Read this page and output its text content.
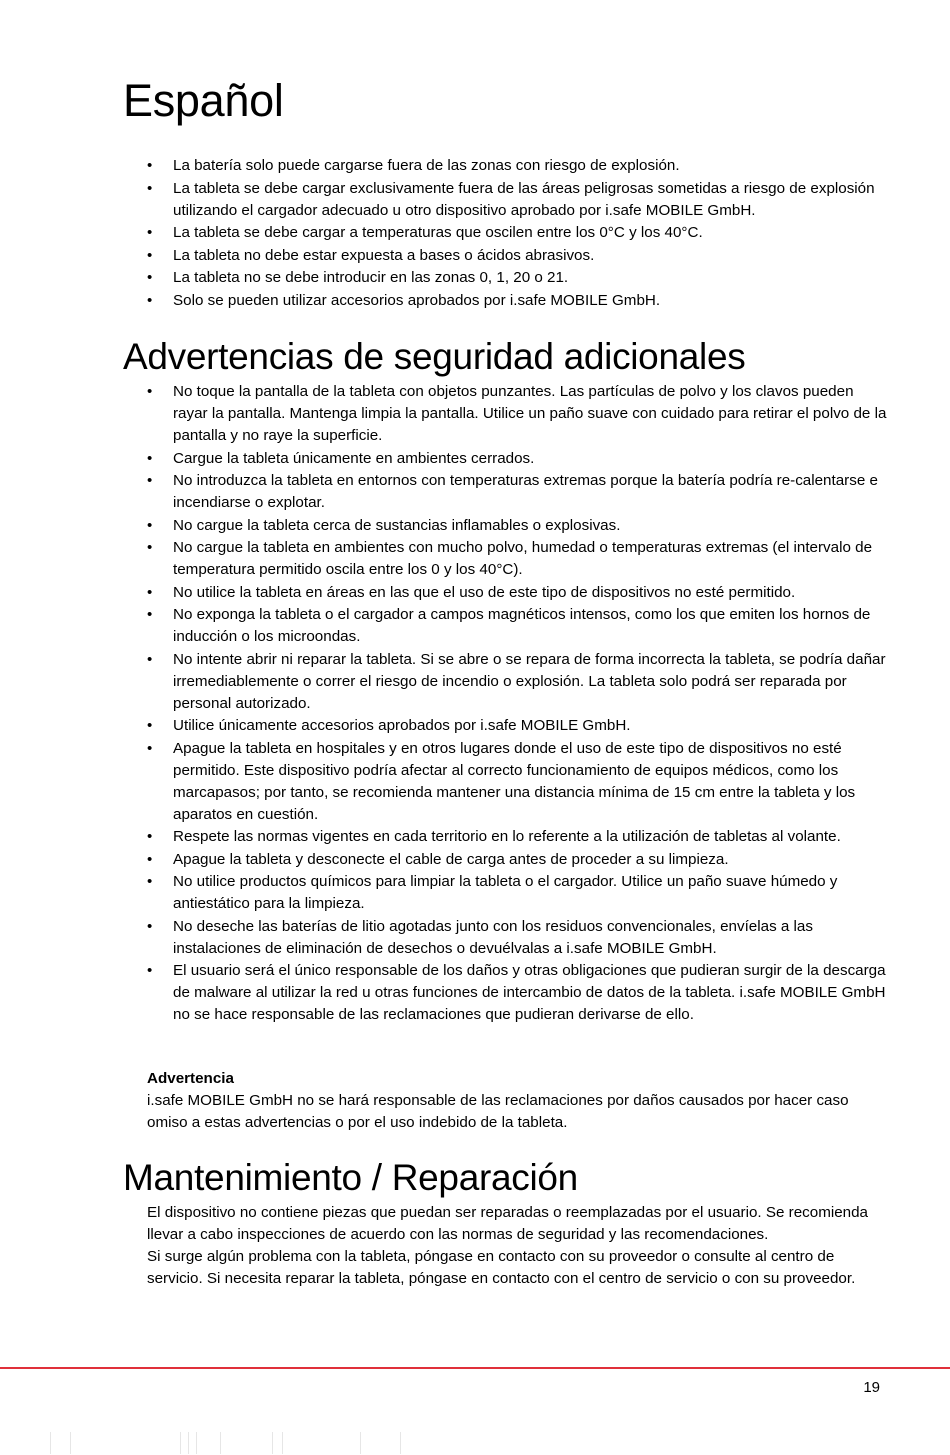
Español
• La batería solo puede cargarse fuera de las zonas con riesgo de explosión.
• La tableta se debe cargar exclusivamente fuera de las áreas peligrosas sometidas a riesgo de explosión utilizando el cargador adecuado u otro dispositivo aprobado por i.safe MOBILE GmbH.
• La tableta se debe cargar a temperaturas que oscilen entre los 0°C y los 40°C.
• La tableta no debe estar expuesta a bases o ácidos abrasivos.
• La tableta no se debe introducir en las zonas 0, 1, 20 o 21.
• Solo se pueden utilizar accesorios aprobados por i.safe MOBILE GmbH.
Advertencias de seguridad adicionales
• No toque la pantalla de la tableta con objetos punzantes. Las partículas de polvo y los clavos pueden rayar la pantalla. Mantenga limpia la pantalla. Utilice un paño suave con cuidado para retirar el polvo de la pantalla y no raye la superficie.
• Cargue la tableta únicamente en ambientes cerrados.
• No introduzca la tableta en entornos con temperaturas extremas porque la batería podría re-calentarse e incendiarse o explotar.
• No cargue la tableta cerca de sustancias inflamables o explosivas.
• No cargue la tableta en ambientes con mucho polvo, humedad o temperaturas extremas (el intervalo de temperatura permitido oscila entre los 0 y los 40°C).
• No utilice la tableta en áreas en las que el uso de este tipo de dispositivos no esté permitido.
• No exponga la tableta o el cargador a campos magnéticos intensos, como los que emiten los hornos de inducción o los microondas.
• No intente abrir ni reparar la tableta. Si se abre o se repara de forma incorrecta la tableta, se podría dañar irremediablemente o correr el riesgo de incendio o explosión. La tableta solo podrá ser reparada por personal autorizado.
• Utilice únicamente accesorios aprobados por i.safe MOBILE GmbH.
• Apague la tableta en hospitales y en otros lugares donde el uso de este tipo de dispositivos no esté permitido. Este dispositivo podría afectar al correcto funcionamiento de equipos médicos, como los marcapasos; por tanto, se recomienda mantener una distancia mínima de 15 cm entre la tableta y los aparatos en cuestión.
• Respete las normas vigentes en cada territorio en lo referente a la utilización de tabletas al volante.
• Apague la tableta y desconecte el cable de carga antes de proceder a su limpieza.
• No utilice productos químicos para limpiar la tableta o el cargador. Utilice un paño suave húmedo y antiestático para la limpieza.
• No deseche las baterías de litio agotadas junto con los residuos convencionales, envíelas a las instalaciones de eliminación de desechos o devuélvalas a i.safe MOBILE GmbH.
• El usuario será el único responsable de los daños y otras obligaciones que pudieran surgir de la descarga de malware al utilizar la red u otras funciones de intercambio de datos de la tableta. i.safe MOBILE GmbH no se hace responsable de las reclamaciones que pudieran derivarse de ello.
Advertencia
i.safe MOBILE GmbH no se hará responsable de las reclamaciones por daños causados por hacer caso omiso a estas advertencias o por el uso indebido de la tableta.
Mantenimiento / Reparación

El dispositivo no contiene piezas que puedan ser reparadas o reemplazadas por el usuario. Se recomienda llevar a cabo inspecciones de acuerdo con las normas de seguridad y las recomendaciones.

Si surge algún problema con la tableta, póngase en contacto con su proveedor o consulte al centro de servicio. Si necesita reparar la tableta, póngase en contacto con el centro de servicio o con su proveedor.

19
